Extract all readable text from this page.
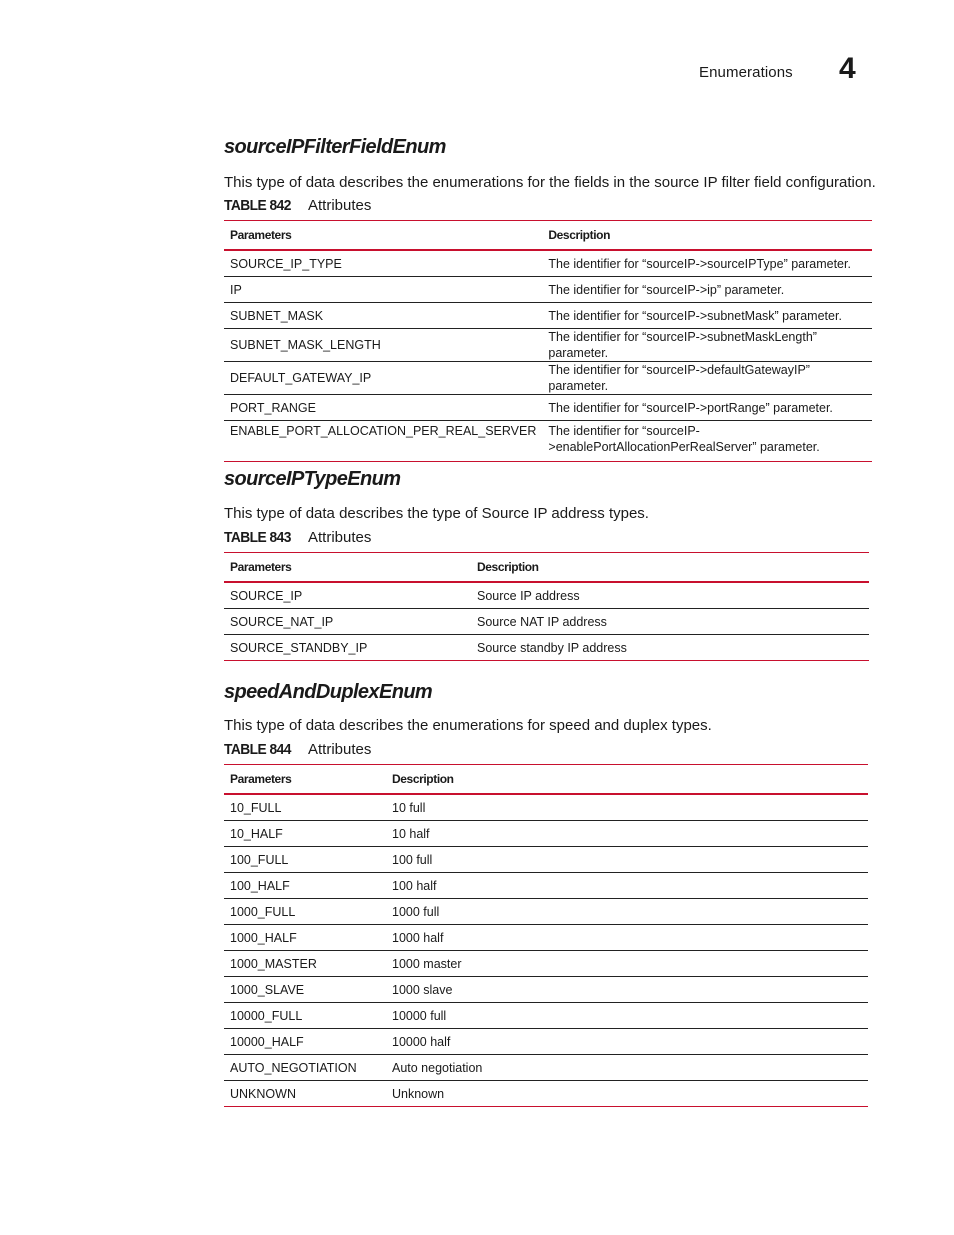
Enumerations 4
sourceIPFilterFieldEnum

This type of data describes the enumerations for the fields in the source IP filter field configuration.

TABLE 842 Attributes
Parameters	Description
SOURCE_IP_TYPE	The identifier for “sourceIP->sourceIPType” parameter.
IP	The identifier for “sourceIP->ip” parameter.
SUBNET_MASK	The identifier for “sourceIP->subnetMask” parameter.
SUBNET_MASK_LENGTH	The identifier for “sourceIP->subnetMaskLength” parameter.
DEFAULT_GATEWAY_IP	The identifier for “sourceIP->defaultGatewayIP” parameter.
PORT_RANGE	The identifier for “sourceIP->portRange” parameter.
ENABLE_PORT_ALLOCATION_PER_REAL_SERVER	The identifier for “sourceIP->enablePortAllocationPerRealServer” parameter.
sourceIPTypeEnum

This type of data describes the type of Source IP address types.

TABLE 843 Attributes
Parameters	Description
SOURCE_IP	Source IP address
SOURCE_NAT_IP	Source NAT IP address
SOURCE_STANDBY_IP	Source standby IP address
speedAndDuplexEnum

This type of data describes the enumerations for speed and duplex types.

TABLE 844 Attributes
Parameters	Description
10_FULL	10 full
10_HALF	10 half
100_FULL	100 full
100_HALF	100 half
1000_FULL	1000 full
1000_HALF	1000 half
1000_MASTER	1000 master
1000_SLAVE	1000 slave
10000_FULL	10000 full
10000_HALF	10000 half
AUTO_NEGOTIATION	Auto negotiation
UNKNOWN	Unknown
